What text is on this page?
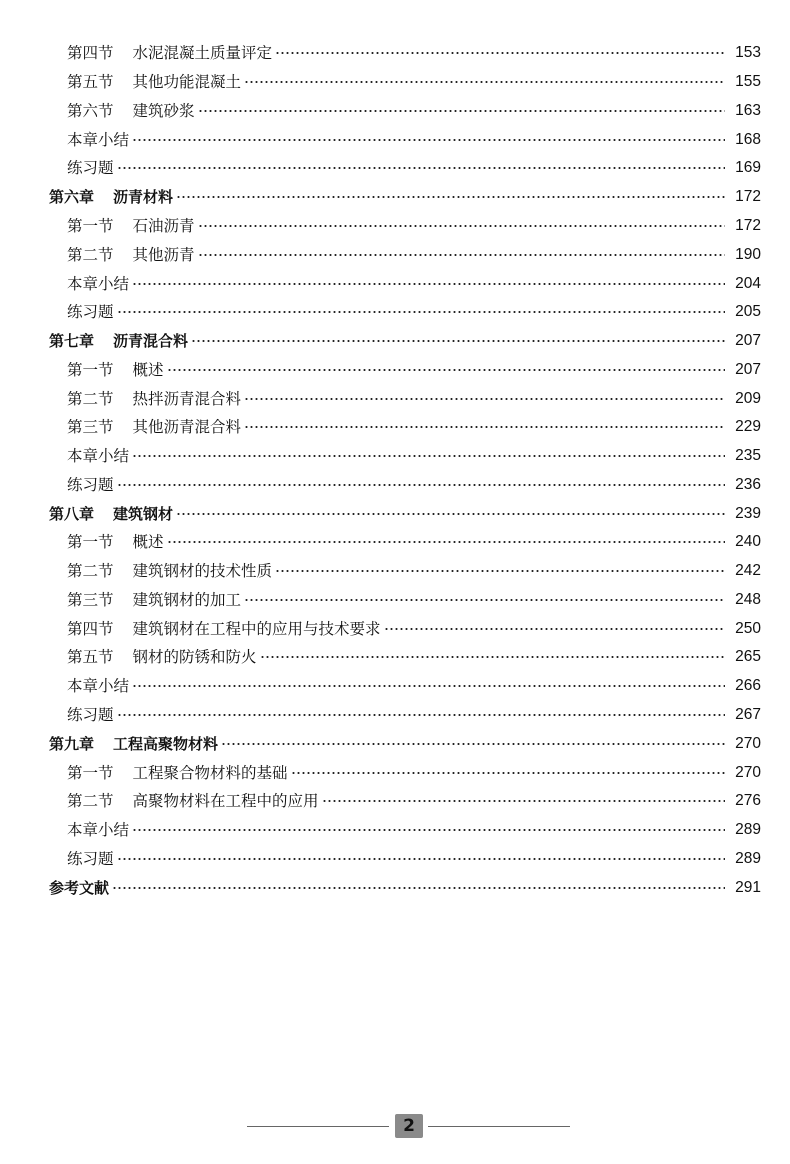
第四节 水泥混凝土质量评定	153
第五节 其他功能混凝土	155
第六节 建筑砂浆	163
本章小结	168
练习题	169
第六章 沥青材料	172
第一节 石油沥青	172
第二节 其他沥青	190
本章小结	204
练习题	205
第七章 沥青混合料	207
第一节 概述	207
第二节 热拌沥青混合料	209
第三节 其他沥青混合料	229
本章小结	235
练习题	236
第八章 建筑钢材	239
第一节 概述	240
第二节 建筑钢材的技术性质	242
第三节 建筑钢材的加工	248
第四节 建筑钢材在工程中的应用与技术要求	250
第五节 钢材的防锈和防火	265
本章小结	266
练习题	267
第九章 工程高聚物材料	270
第一节 工程聚合物材料的基础	270
第二节 高聚物材料在工程中的应用	276
本章小结	289
练习题	289
参考文献	291
2
